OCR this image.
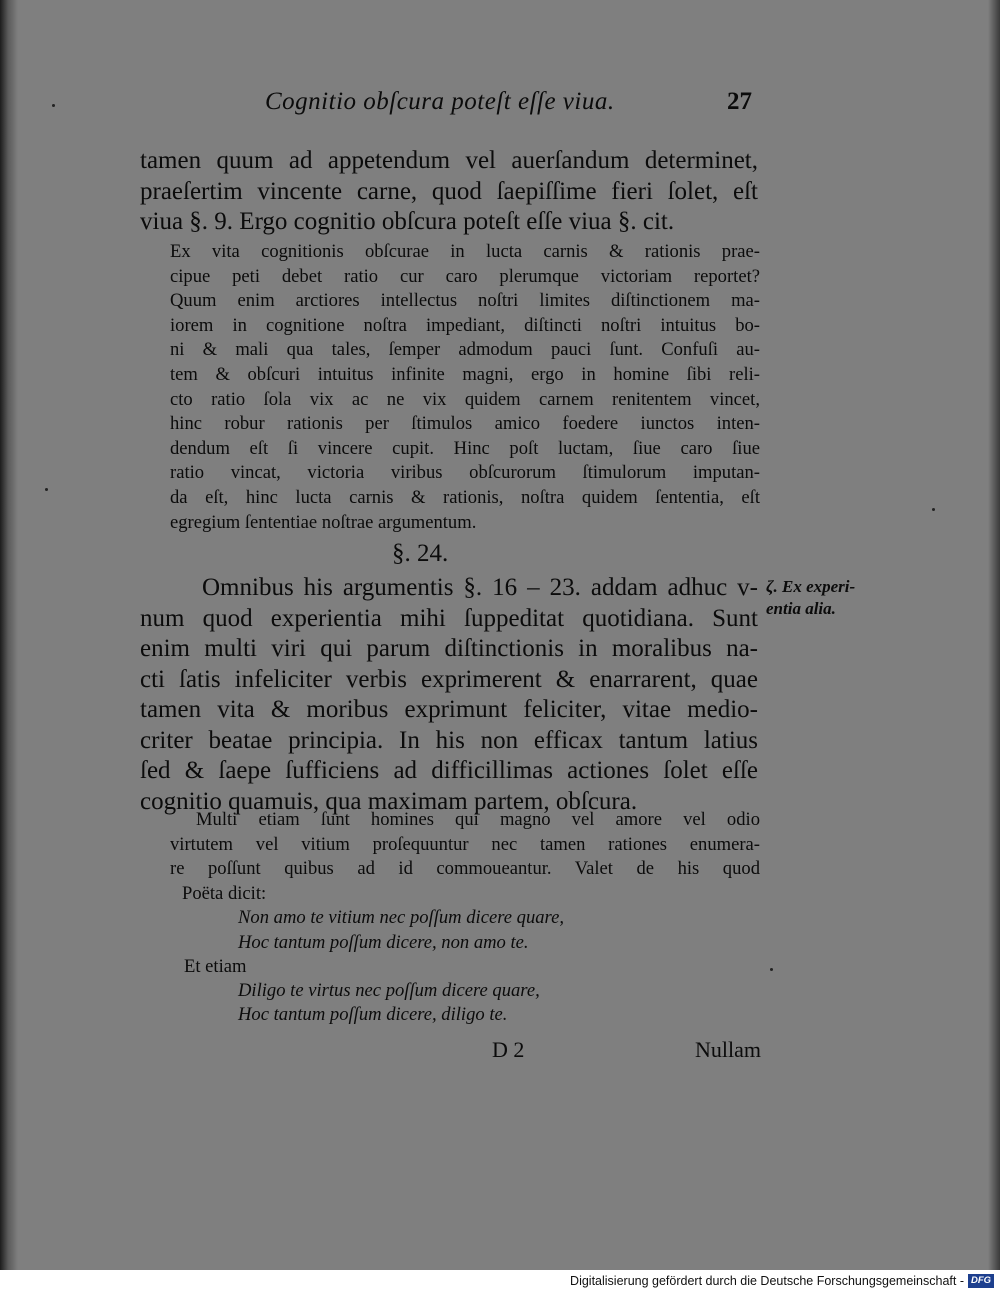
Cognitio obſcura poteſt eſſe viua.	27
tamen quum ad appetendum vel auerſandum determinet,
praeſertim vincente carne, quod ſaepiſſime fieri ſolet, eſt
viua §. 9. Ergo cognitio obſcura poteſt eſſe viua §. cit.
Ex vita cognitionis obſcurae in lucta carnis & rationis prae-
cipue peti debet ratio cur caro plerumque victoriam reportet?
Quum enim arctiores intellectus noſtri limites diſtinctionem ma-
iorem in cognitione noſtra impediant, diſtincti noſtri intuitus bo-
ni & mali qua tales, ſemper admodum pauci ſunt. Confuſi au-
tem & obſcuri intuitus infinite magni, ergo in homine ſibi reli-
cto ratio ſola vix ac ne vix quidem carnem renitentem vincet,
hinc robur rationis per ſtimulos amico foedere iunctos inten-
dendum eſt ſi vincere cupit. Hinc poſt luctam, ſiue caro ſiue
ratio vincat, victoria viribus obſcurorum ſtimulorum imputan-
da eſt, hinc lucta carnis & rationis, noſtra quidem ſententia, eſt
egregium ſententiae noſtrae argumentum.
§. 24.
ζ. Ex experi-
entia alia.
Omnibus his argumentis §. 16 – 23. addam adhuc v-
num quod experientia mihi ſuppeditat quotidiana. Sunt
enim multi viri qui parum diſtinctionis in moralibus na-
cti ſatis infeliciter verbis exprimerent & enarrarent, quae
tamen vita & moribus exprimunt feliciter, vitae medio-
criter beatae principia. In his non efficax tantum latius
ſed & ſaepe ſufficiens ad difficillimas actiones ſolet eſſe
cognitio quamuis, qua maximam partem, obſcura.
Multi etiam ſunt homines qui magno vel amore vel odio
virtutem vel vitium proſequuntur nec tamen rationes enumera-
re poſſunt quibus ad id commoueantur. Valet de his quod
Poëta dicit:
Non amo te vitium nec poſſum dicere quare,
Hoc tantum poſſum dicere, non amo te.
Et etiam
Diligo te virtus nec poſſum dicere quare,
Hoc tantum poſſum dicere, diligo te.
D 2	Nullam
Digitalisierung gefördert durch die Deutsche Forschungsgemeinschaft - DFG
